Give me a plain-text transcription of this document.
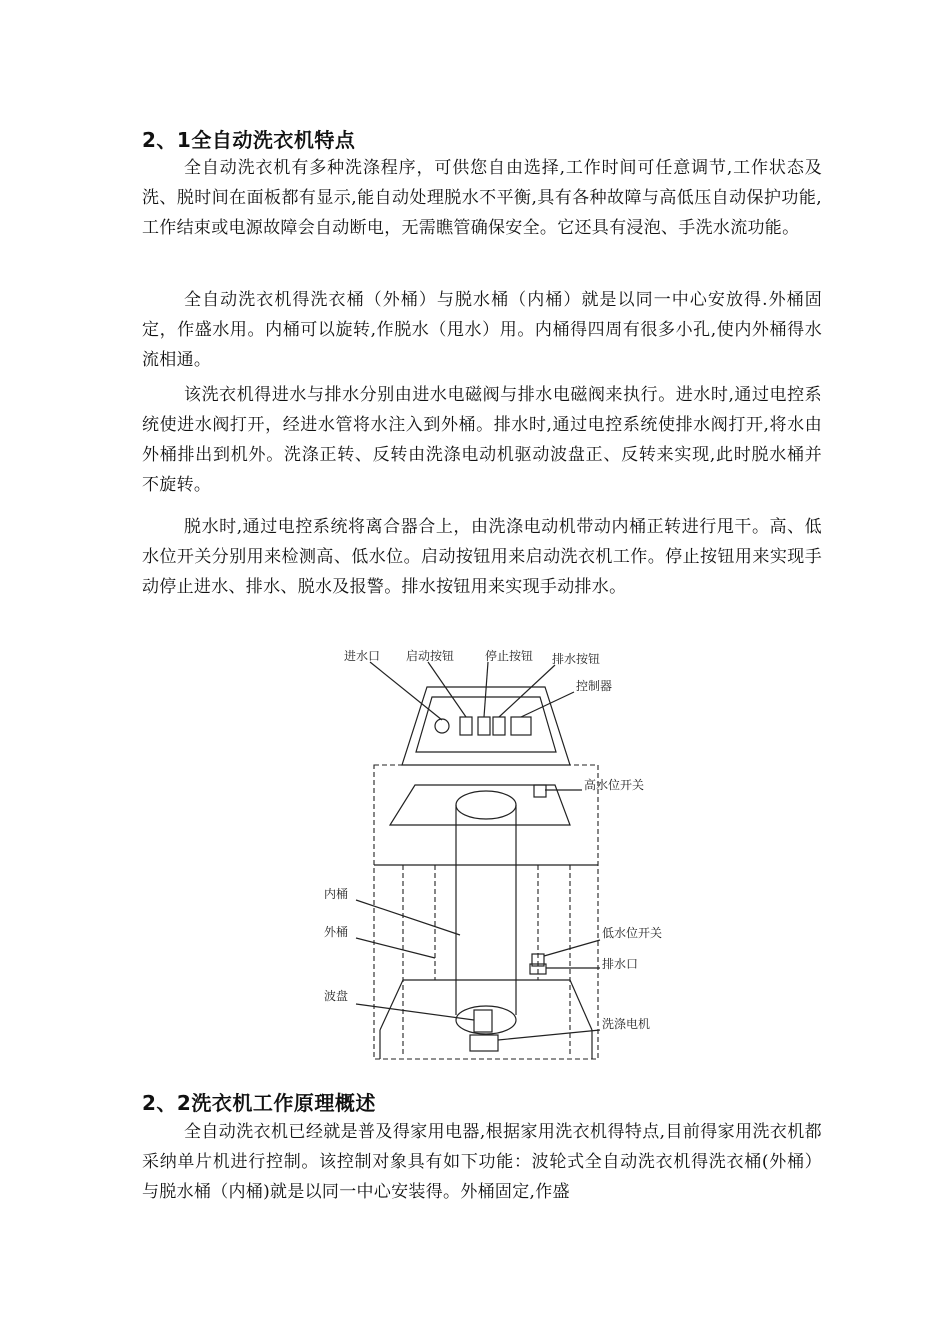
2、1全自动洗衣机特点

全自动洗衣机有多种洗涤程序，可供您自由选择,工作时间可任意调节,工作状态及洗、脱时间在面板都有显示,能自动处理脱水不平衡,具有各种故障与高低压自动保护功能,工作结束或电源故障会自动断电，无需瞧管确保安全。它还具有浸泡、手洗水流功能。

全自动洗衣机得洗衣桶（外桶）与脱水桶（内桶）就是以同一中心安放得.外桶固定，作盛水用。内桶可以旋转,作脱水（甩水）用。内桶得四周有很多小孔,使内外桶得水流相通。

该洗衣机得进水与排水分别由进水电磁阀与排水电磁阀来执行。进水时,通过电控系统使进水阀打开，经进水管将水注入到外桶。排水时,通过电控系统使排水阀打开,将水由外桶排出到机外。洗涤正转、反转由洗涤电动机驱动波盘正、反转来实现,此时脱水桶并不旋转。

脱水时,通过电控系统将离合器合上，由洗涤电动机带动内桶正转进行甩干。高、低水位开关分别用来检测高、低水位。启动按钮用来启动洗衣机工作。停止按钮用来实现手动停止进水、排水、脱水及报警。排水按钮用来实现手动排水。

进水口 启动按钮	停止按钮 排水按钮
控制器
高水位开关
内桶
外桶	低水位开关
排水口
波盘
洗涤电机
2、2洗衣机工作原理概述

全自动洗衣机已经就是普及得家用电器,根据家用洗衣机得特点,目前得家用洗衣机都采纳单片机进行控制。该控制对象具有如下功能：波轮式全自动洗衣机得洗衣桶(外桶）与脱水桶（内桶)就是以同一中心安装得。外桶固定,作盛
